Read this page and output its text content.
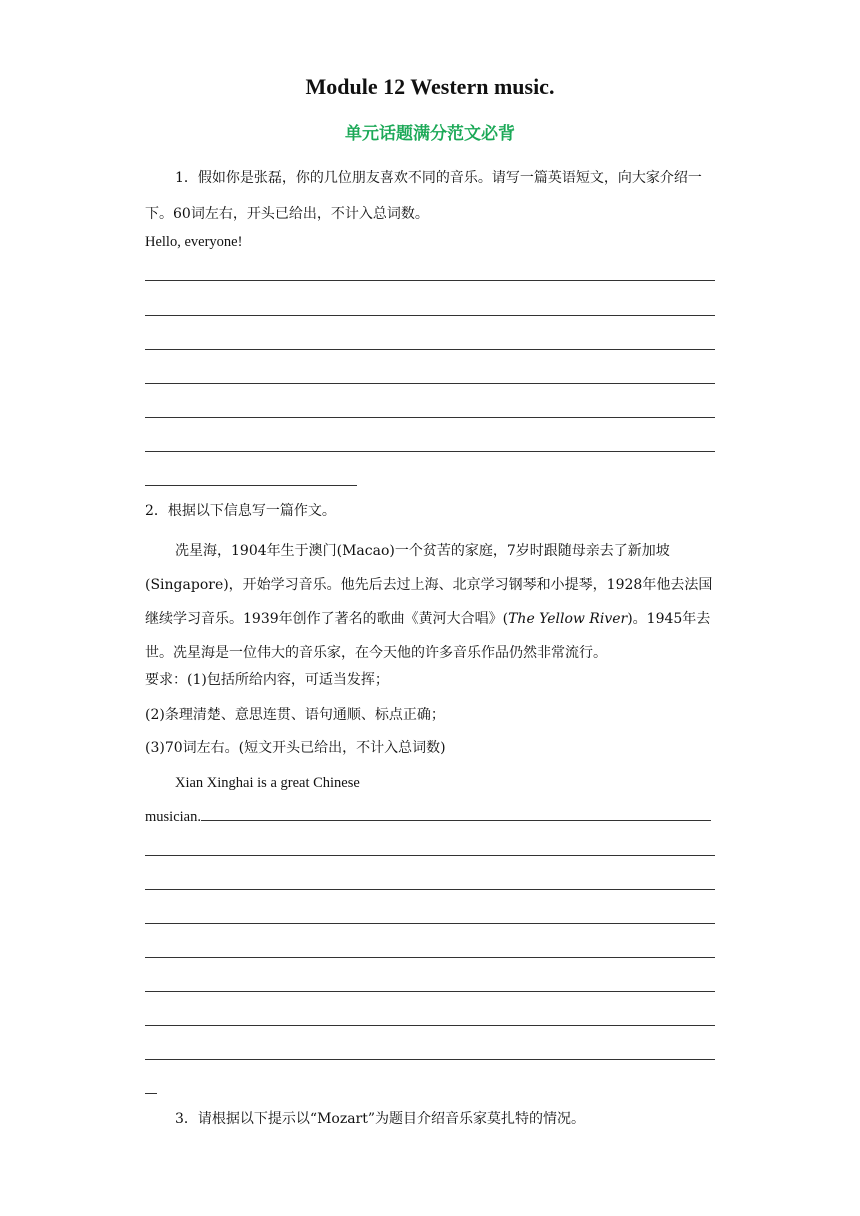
Module 12 Western music.
单元话题满分范文必背
1．假如你是张磊，你的几位朋友喜欢不同的音乐。请写一篇英语短文，向大家介绍一下。60词左右，开头已给出，不计入总词数。
Hello, everyone!
2．根据以下信息写一篇作文。
冼星海，1904年生于澳门(Macao)一个贫苦的家庭，7岁时跟随母亲去了新加坡(Singapore)，开始学习音乐。他先后去过上海、北京学习钢琴和小提琴，1928年他去法国继续学习音乐。1939年创作了著名的歌曲《黄河大合唱》(The Yellow River)。1945年去世。冼星海是一位伟大的音乐家，在今天他的许多音乐作品仍然非常流行。
要求：(1)包括所给内容，可适当发挥；
(2)条理清楚、意思连贯、语句通顺、标点正确；
(3)70词左右。(短文开头已给出，不计入总词数)
Xian Xinghai is a great Chinese
musician.
3．请根据以下提示以“Mozart”为题目介绍音乐家莫扎特的情况。
